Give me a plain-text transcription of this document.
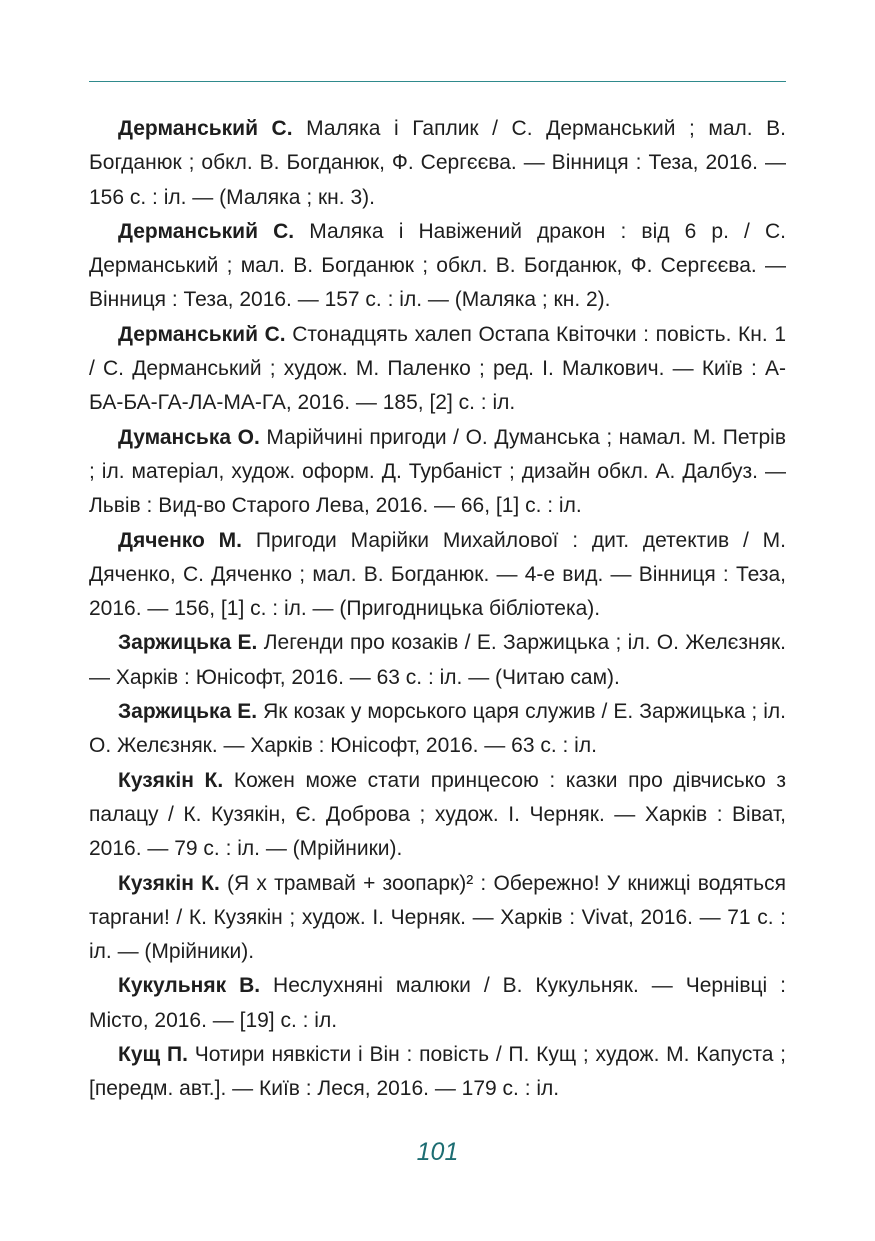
Дерманський С. Маляка і Гаплик / С. Дерманський ; мал. В. Богданюк ; обкл. В. Богданюк, Ф. Сергєєва. — Вінниця : Теза, 2016. — 156 с. : іл. — (Маляка ; кн. 3).

Дерманський С. Маляка і Навіжений дракон : від 6 р. / С. Дерманський ; мал. В. Богданюк ; обкл. В. Богданюк, Ф. Сергєєва. — Вінниця : Теза, 2016. — 157 с. : іл. — (Маляка ; кн. 2).

Дерманський С. Стонадцять халеп Остапа Квіточки : повість. Кн. 1 / С. Дерманський ; худож. М. Паленко ; ред. І. Малкович. — Київ : А-БА-БА-ГА-ЛА-МА-ГА, 2016. — 185, [2] с. : іл.

Думанська О. Марійчині пригоди / О. Думанська ; намал. М. Петрів ; іл. матеріал, худож. оформ. Д. Турбаніст ; дизайн обкл. А. Далбуз. — Львів : Вид-во Старого Лева, 2016. — 66, [1] с. : іл.

Дяченко М. Пригоди Марійки Михайлової : дит. детектив / М. Дяченко, С. Дяченко ; мал. В. Богданюк. — 4-е вид. — Вінниця : Теза, 2016. — 156, [1] с. : іл. — (Пригодницька бібліотека).

Заржицька Е. Легенди про козаків / Е. Заржицька ; іл. О. Желєзняк. — Харків : Юнісофт, 2016. — 63 с. : іл. — (Читаю сам).

Заржицька Е. Як козак у морського царя служив / Е. Заржицька ; іл. О. Желєзняк. — Харків : Юнісофт, 2016. — 63 с. : іл.

Кузякін К. Кожен може стати принцесою : казки про дівчисько з палацу / К. Кузякін, Є. Доброва ; худож. І. Черняк. — Харків : Віват, 2016. — 79 с. : іл. — (Мрійники).

Кузякін К. (Я х трамвай + зоопарк)² : Обережно! У книжці водяться таргани! / К. Кузякін ; худож. І. Черняк. — Харків : Vivat, 2016. — 71 с. : іл. — (Мрійники).

Кукульняк В. Неслухняні малюки / В. Кукульняк. — Чернівці : Місто, 2016. — [19] с. : іл.

Кущ П. Чотири нявкісти і Він : повість / П. Кущ ; худож. М. Капуста ; [передм. авт.]. — Київ : Леся, 2016. — 179 с. : іл.

101
